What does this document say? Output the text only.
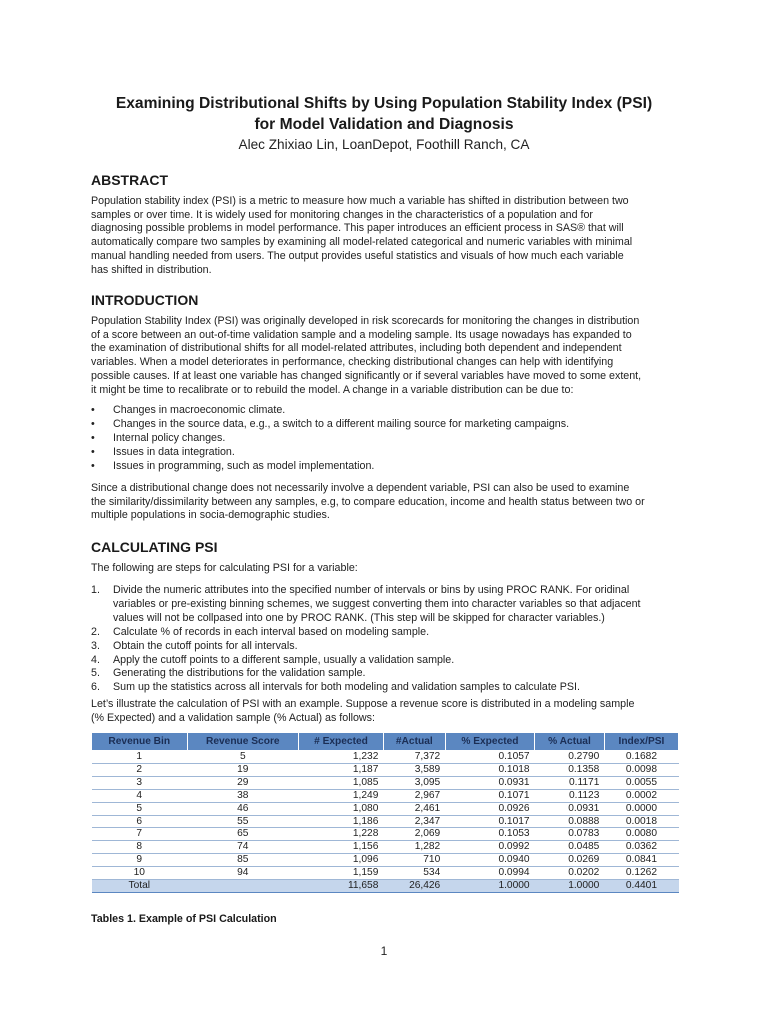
Examining Distributional Shifts by Using Population Stability Index (PSI)
for Model Validation and Diagnosis
Alec Zhixiao Lin, LoanDepot, Foothill Ranch, CA
ABSTRACT
Population stability index (PSI) is a metric to measure how much a variable has shifted in distribution between two
samples or over time. It is widely used for monitoring changes in the characteristics of a population and for
diagnosing possible problems in model performance. This paper introduces an efficient process in SAS® that will
automatically compare two samples by examining all model-related categorical and numeric variables with minimal
manual handling needed from users. The output provides useful statistics and visuals of how much each variable
has shifted in distribution.
INTRODUCTION
Population Stability Index (PSI) was originally developed in risk scorecards for monitoring the changes in distribution
of a score between an out-of-time validation sample and a modeling sample. Its usage nowadays has expanded to
the examination of distributional shifts for all model-related attributes, including both dependent and independent
variables. When a model deteriorates in performance, checking distributional changes can help with identifying
possible causes. If at least one variable has changed significantly or if several variables have moved to some extent,
it might be time to recalibrate or to rebuild the model. A change in a variable distribution can be due to:
• Changes in macroeconomic climate.
• Changes in the source data, e.g., a switch to a different mailing source for marketing campaigns.
• Internal policy changes.
• Issues in data integration.
• Issues in programming, such as model implementation.
Since a distributional change does not necessarily involve a dependent variable, PSI can also be used to examine
the similarity/dissimilarity between any samples, e.g, to compare education, income and health status between two or
multiple populations in socia-demographic studies.
CALCULATING PSI
The following are steps for calculating PSI for a variable:
1. Divide the numeric attributes into the specified number of intervals or bins by using PROC RANK. For oridinal
variables or pre-existing binning schemes, we suggest converting them into character variables so that adjacent
values will not be collpased into one by PROC RANK. (This step will be skipped for character variables.)
2. Calculate % of records in each interval based on modeling sample.
3. Obtain the cutoff points for all intervals.
4. Apply the cutoff points to a different sample, usually a validation sample.
5. Generating the distributions for the validation sample.
6. Sum up the statistics across all intervals for both modeling and validation samples to calculate PSI.
Let’s illustrate the calculation of PSI with an example. Suppose a revenue score is distributed in a modeling sample
(% Expected) and a validation sample (% Actual) as follows:
Revenue Bin	Revenue Score	# Expected	#Actual	% Expected	% Actual	Index/PSI
1	5	1,232	7,372	0.1057	0.2790	0.1682
2	19	1,187	3,589	0.1018	0.1358	0.0098
3	29	1,085	3,095	0.0931	0.1171	0.0055
4	38	1,249	2,967	0.1071	0.1123	0.0002
5	46	1,080	2,461	0.0926	0.0931	0.0000
6	55	1,186	2,347	0.1017	0.0888	0.0018
7	65	1,228	2,069	0.1053	0.0783	0.0080
8	74	1,156	1,282	0.0992	0.0485	0.0362
9	85	1,096	710	0.0940	0.0269	0.0841
10	94	1,159	534	0.0994	0.0202	0.1262
Total		11,658	26,426	1.0000	1.0000	0.4401
Tables 1. Example of PSI Calculation
1
